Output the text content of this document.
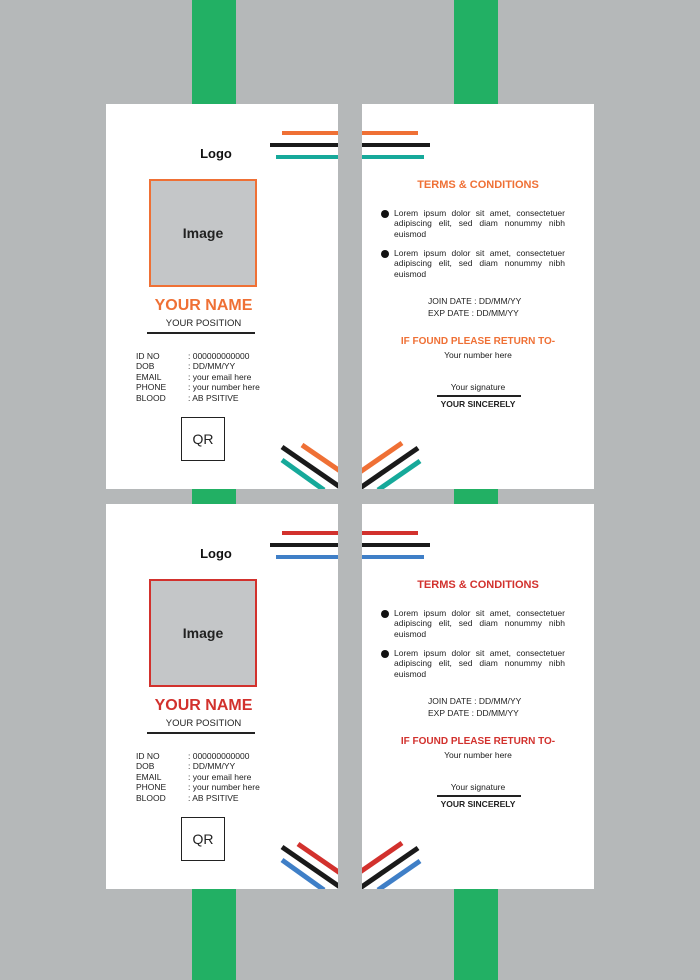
Logo
Image
YOUR NAME
YOUR POSITION
ID NO	: 000000000000
DOB	: DD/MM/YY
EMAIL	: your email here
PHONE	: your number here
BLOOD	: AB PSITIVE
QR
TERMS & CONDITIONS
Lorem ipsum dolor sit amet, consectetuer adipiscing elit, sed diam nonummy nibh euismod
Lorem ipsum dolor sit amet, consectetuer adipiscing elit, sed diam nonummy nibh euismod
JOIN DATE : DD/MM/YY
EXP DATE : DD/MM/YY
IF FOUND PLEASE RETURN TO-
Your number here
Your signature
YOUR SINCERELY
Logo
Image
YOUR NAME
YOUR POSITION
ID NO	: 000000000000
DOB	: DD/MM/YY
EMAIL	: your email here
PHONE	: your number here
BLOOD	: AB PSITIVE
QR
TERMS & CONDITIONS
Lorem ipsum dolor sit amet, consectetuer adipiscing elit, sed diam nonummy nibh euismod
Lorem ipsum dolor sit amet, consectetuer adipiscing elit, sed diam nonummy nibh euismod
JOIN DATE : DD/MM/YY
EXP DATE : DD/MM/YY
IF FOUND PLEASE RETURN TO-
Your number here
Your signature
YOUR SINCERELY
